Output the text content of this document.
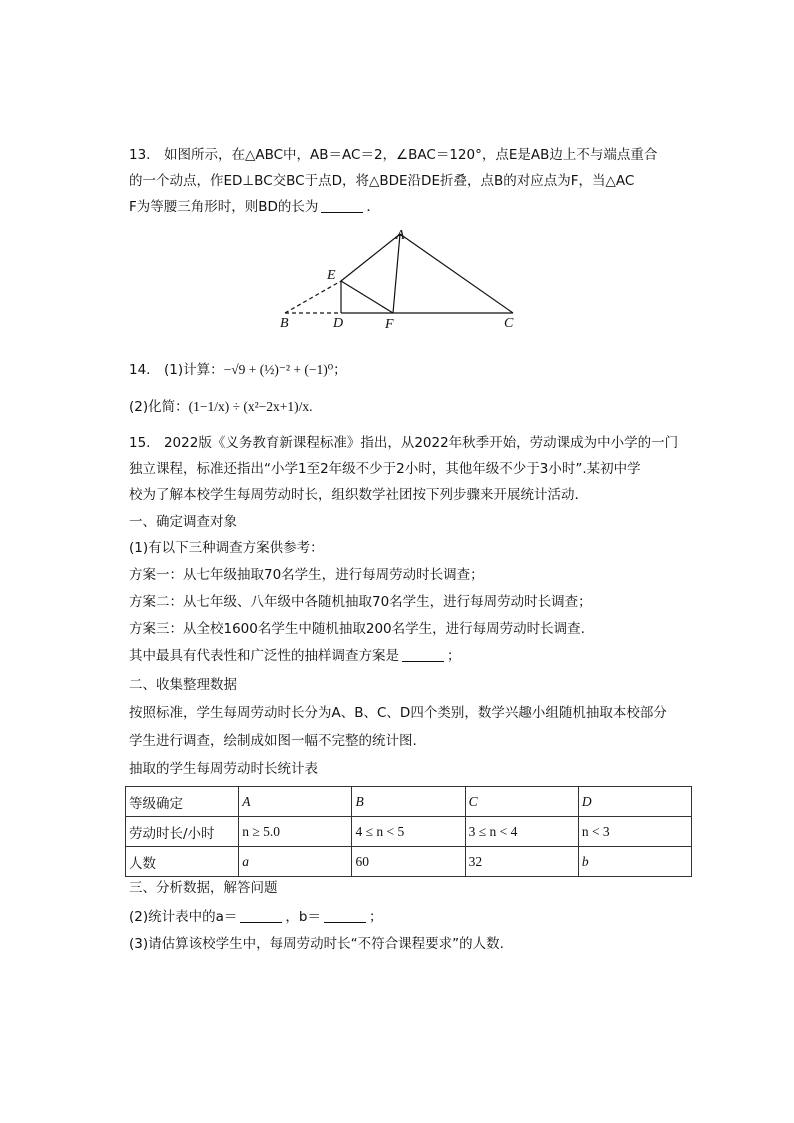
13.　如图所示，在△ABC中，AB＝AC＝2，∠BAC＝120°，点E是AB边上不与端点重合
的一个动点，作ED⊥BC交BC于点D，将△BDE沿DE折叠，点B的对应点为F，当△AC
F为等腰三角形时，则BD的长为	．
A
B	C
D
E
F
14.　(1)计算：−√9 + (½)⁻² + (−1)⁰；
(2)化简：(1−1/x) ÷ (x²−2x+1)/x.
15.　2022版《义务教育新课程标准》指出，从2022年秋季开始，劳动课成为中小学的一门
独立课程，标准还指出“小学1至2年级不少于2小时，其他年级不少于3小时”.某初中学
校为了解本校学生每周劳动时长，组织数学社团按下列步骤来开展统计活动.
一、确定调查对象
(1)有以下三种调查方案供参考：
方案一：从七年级抽取70名学生，进行每周劳动时长调查；
方案二：从七年级、八年级中各随机抽取70名学生，进行每周劳动时长调查；
方案三：从全校1600名学生中随机抽取200名学生，进行每周劳动时长调查.
其中最具有代表性和广泛性的抽样调查方案是	；
二、收集整理数据
按照标准，学生每周劳动时长分为A、B、C、D四个类别，数学兴趣小组随机抽取本校部分
学生进行调查，绘制成如图一幅不完整的统计图.
抽取的学生每周劳动时长统计表
等级确定	A	B	C	D
劳动时长/小时	n ≥ 5.0	4 ≤ n < 5	3 ≤ n < 4	n < 3
人数	a	60	32	b
三、分析数据，解答问题
(2)统计表中的a＝	，b＝	；
(3)请估算该校学生中，每周劳动时长“不符合课程要求”的人数.
